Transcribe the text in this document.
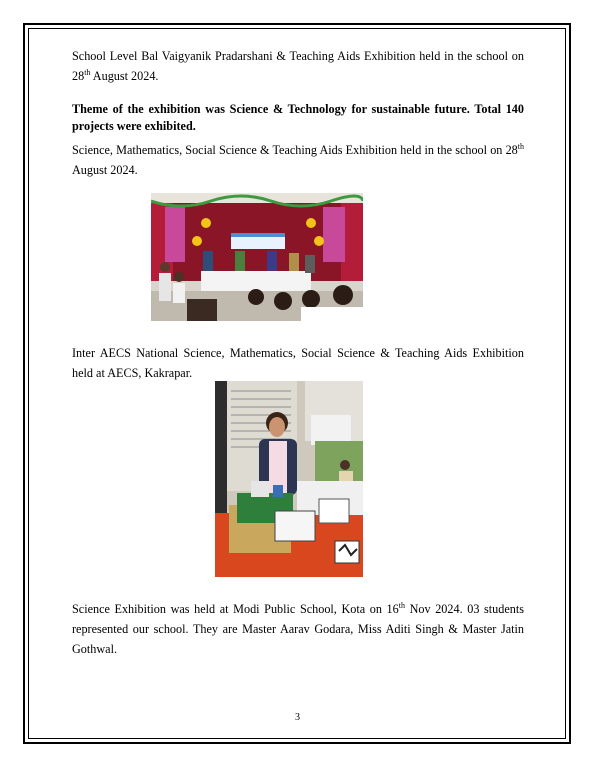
School Level Bal Vaigyanik Pradarshani & Teaching Aids Exhibition held in the school on 28th August 2024.

Theme of the exhibition was Science & Technology for sustainable future. Total 140 projects were exhibited.

Science, Mathematics, Social Science & Teaching Aids Exhibition held in the school on 28th August 2024.

Inter AECS National Science, Mathematics, Social Science & Teaching Aids Exhibition held at AECS, Kakrapar.

Science Exhibition was held at Modi Public School, Kota on 16th Nov 2024. 03 students represented our school. They are Master Aarav Godara, Miss Aditi Singh & Master Jatin Gothwal.

3
